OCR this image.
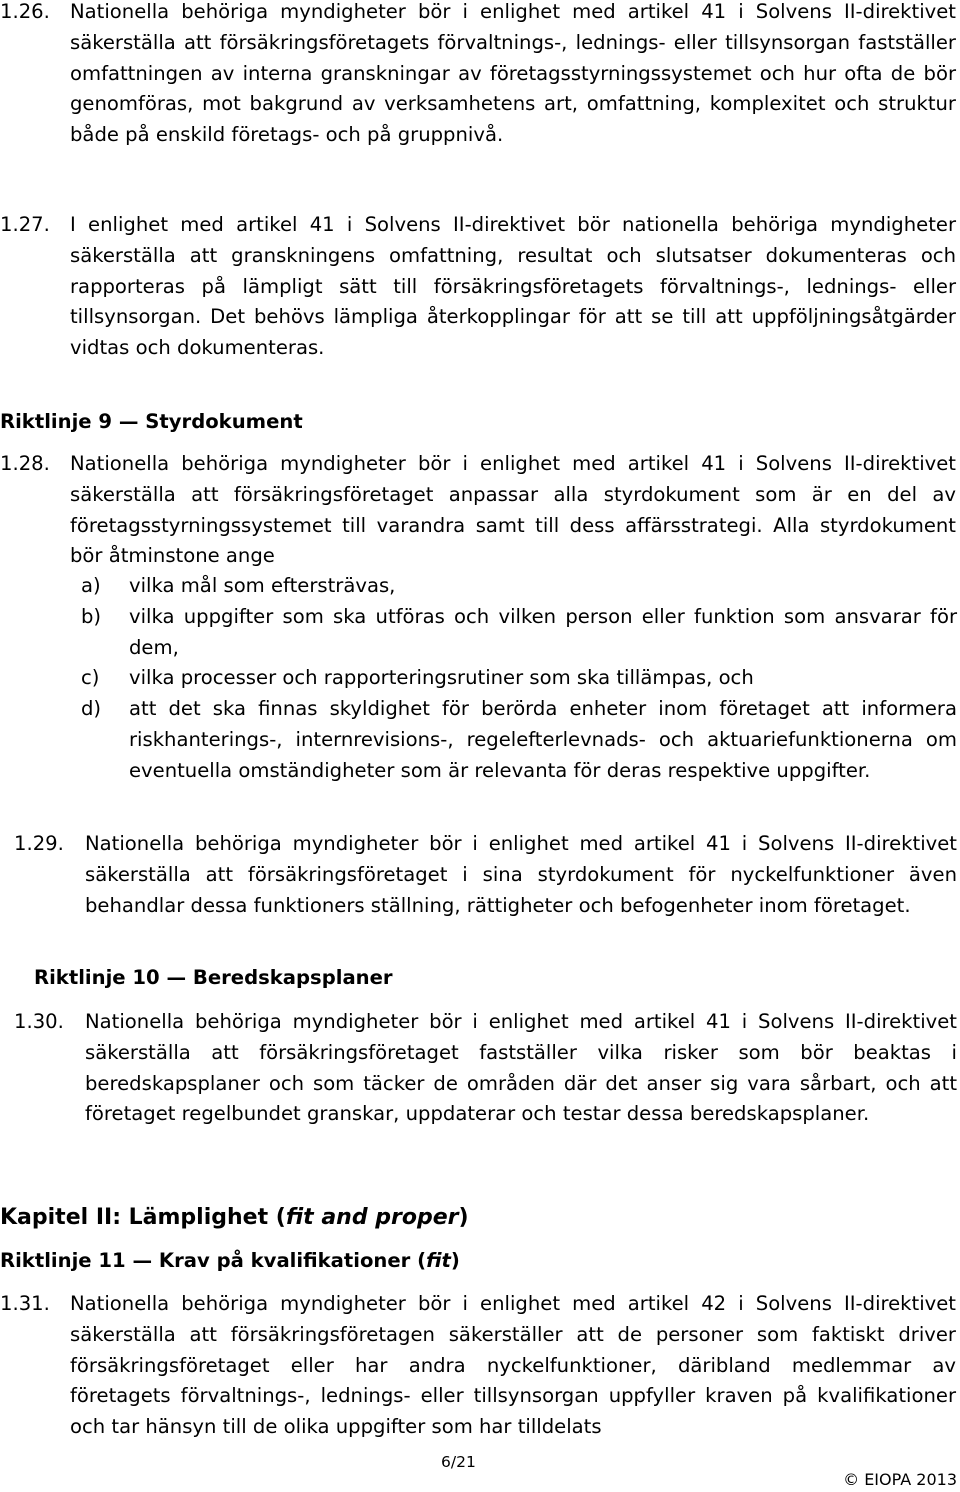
1.26. Nationella behöriga myndigheter bör i enlighet med artikel 41 i Solvens II-direktivet säkerställa att försäkringsföretagets förvaltnings-, lednings- eller tillsynsorgan fastställer omfattningen av interna granskningar av företagsstyrningssystemet och hur ofta de bör genomföras, mot bakgrund av verksamhetens art, omfattning, komplexitet och struktur både på enskild företags- och på gruppnivå.
1.27. I enlighet med artikel 41 i Solvens II-direktivet bör nationella behöriga myndigheter säkerställa att granskningens omfattning, resultat och slutsatser dokumenteras och rapporteras på lämpligt sätt till försäkringsföretagets förvaltnings-, lednings- eller tillsynsorgan. Det behövs lämpliga återkopplingar för att se till att uppföljningsåtgärder vidtas och dokumenteras.
Riktlinje 9 — Styrdokument
1.28. Nationella behöriga myndigheter bör i enlighet med artikel 41 i Solvens II-direktivet säkerställa att försäkringsföretaget anpassar alla styrdokument som är en del av företagsstyrningssystemet till varandra samt till dess affärsstrategi. Alla styrdokument bör åtminstone ange
a) vilka mål som eftersträvas,
b) vilka uppgifter som ska utföras och vilken person eller funktion som ansvarar för dem,
c) vilka processer och rapporteringsrutiner som ska tillämpas, och
d) att det ska finnas skyldighet för berörda enheter inom företaget att informera riskhanterings-, internrevisions-, regelefterlevnads- och aktuariefunktionerna om eventuella omständigheter som är relevanta för deras respektive uppgifter.
1.29. Nationella behöriga myndigheter bör i enlighet med artikel 41 i Solvens II-direktivet säkerställa att försäkringsföretaget i sina styrdokument för nyckelfunktioner även behandlar dessa funktioners ställning, rättigheter och befogenheter inom företaget.
Riktlinje 10 — Beredskapsplaner
1.30. Nationella behöriga myndigheter bör i enlighet med artikel 41 i Solvens II-direktivet säkerställa att försäkringsföretaget fastställer vilka risker som bör beaktas i beredskapsplaner och som täcker de områden där det anser sig vara sårbart, och att företaget regelbundet granskar, uppdaterar och testar dessa beredskapsplaner.
Kapitel II: Lämplighet (fit and proper)
Riktlinje 11 — Krav på kvalifikationer (fit)
1.31. Nationella behöriga myndigheter bör i enlighet med artikel 42 i Solvens II-direktivet säkerställa att försäkringsföretagen säkerställer att de personer som faktiskt driver försäkringsföretaget eller har andra nyckelfunktioner, däribland medlemmar av företagets förvaltnings-, lednings- eller tillsynsorgan uppfyller kraven på kvalifikationer och tar hänsyn till de olika uppgifter som har tilldelats
6/21
© EIOPA 2013
